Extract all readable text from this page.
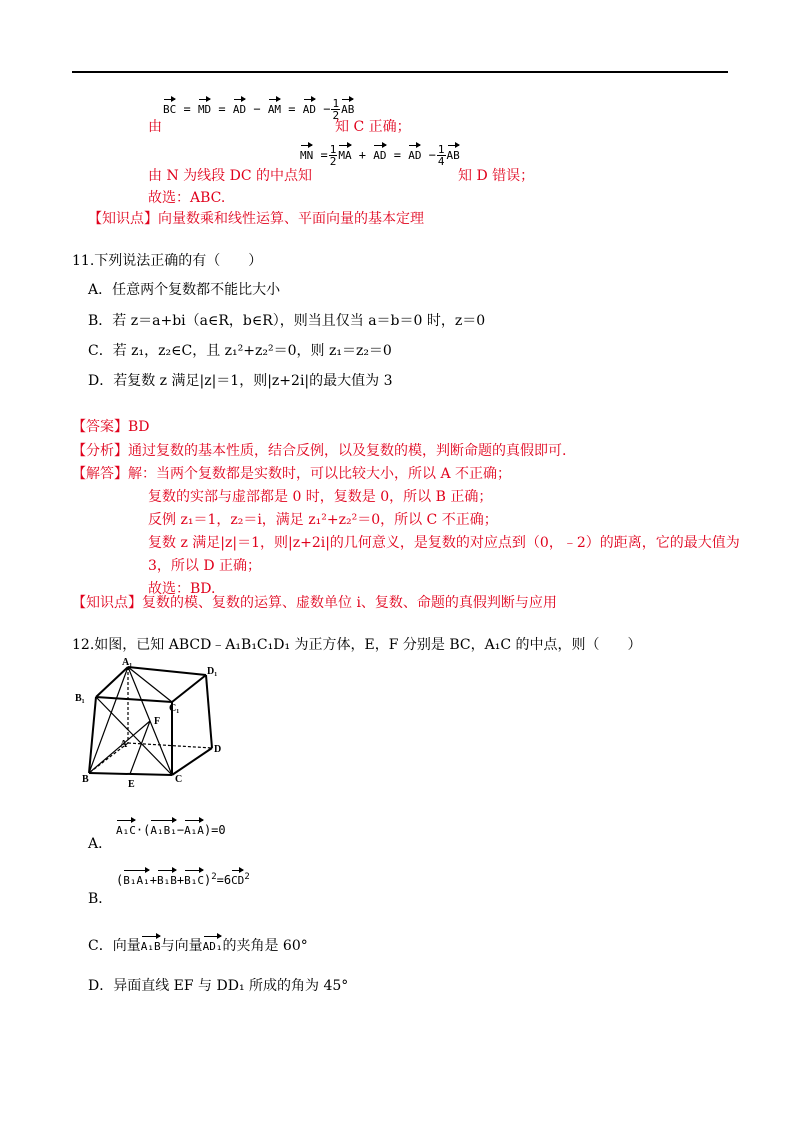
由
BC = MD = AD − AM = AD − $\frac{1}{2}$ AB
知 C 正确；
由 N 为线段 DC 的中点知
MN = $\frac{1}{2}$ MA + AD = AD − $\frac{1}{4}$ AB
知 D 错误；
故选：ABC.
【知识点】向量数乘和线性运算、平面向量的基本定理
11.下列说法正确的有（　　）
A．任意两个复数都不能比大小
B．若 z＝a+bi（a∈R，b∈R），则当且仅当 a＝b＝0 时，z＝0
C．若 z₁，z₂∈C，且 z₁²+z₂²＝0，则 z₁＝z₂＝0
D．若复数 z 满足|z|＝1，则|z+2i|的最大值为 3
【答案】BD
【分析】通过复数的基本性质，结合反例，以及复数的模，判断命题的真假即可.
【解答】解：当两个复数都是实数时，可以比较大小，所以 A 不正确；
复数的实部与虚部都是 0 时，复数是 0，所以 B 正确；
反例 z₁＝1，z₂＝i，满足 z₁²+z₂²＝0，所以 C 不正确；
复数 z 满足|z|＝1，则|z+2i|的几何意义，是复数的对应点到（0，﹣2）的距离，它的最大值为
3，所以 D 正确；
故选：BD.
【知识点】复数的模、复数的运算、虚数单位 i、复数、命题的真假判断与应用
12.如图，已知 ABCD﹣A₁B₁C₁D₁ 为正方体，E，F 分别是 BC，A₁C 的中点，则（　　）
A₁
D₁
B₁
C₁
F
A	D
B	E	C
A．
A₁C·(A₁B₁−A₁A)=0
B．
$(B_1A_1+B_1B+B_1C)^2=6CD^2$
C．向量A₁B与向量AD₁的夹角是 60°
D．异面直线 EF 与 DD₁ 所成的角为 45°
